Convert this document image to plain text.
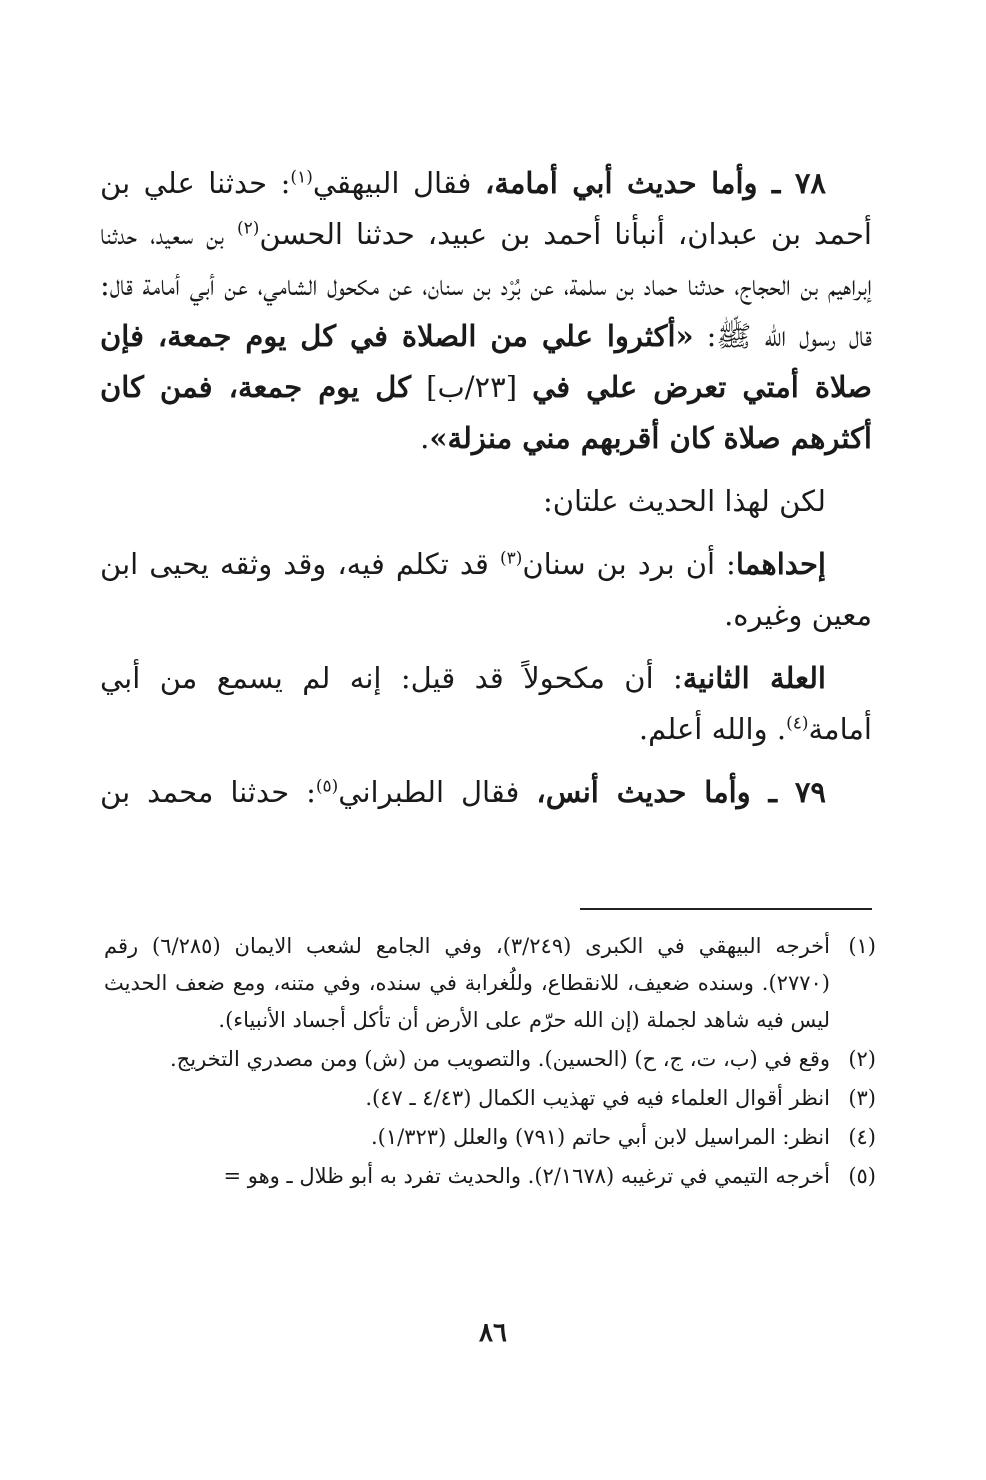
٧٨ ـ وأما حديث أبي أمامة، فقال البيهقي$^{(١)}$: حدثنا علي بن أحمد بن عبدان، أنبأنا أحمد بن عبيد، حدثنا الحسن$^{(٢)}$ بن سعيد، حدثنا إبراهيم بن الحجاج، حدثنا حماد بن سلمة، عن بُرْد بن سنان، عن مكحول الشامي، عن أبي أمامة قال: قال رسول الله ﷺ: «أكثروا علي من الصلاة في كل يوم جمعة، فإن صلاة أمتي تعرض علي في [٢٣/ب] كل يوم جمعة، فمن كان أكثرهم صلاة كان أقربهم مني منزلة».

لكن لهذا الحديث علتان:

إحداهما: أن برد بن سنان$^{(٣)}$ قد تكلم فيه، وقد وثقه يحيى ابن معين وغيره.

العلة الثانية: أن مكحولاً قد قيل: إنه لم يسمع من أبي أمامة$^{(٤)}$. والله أعلم.

٧٩ ـ وأما حديث أنس، فقال الطبراني$^{(٥)}$: حدثنا محمد بن

(١)
أخرجه البيهقي في الكبرى (٣/٢٤٩)، وفي الجامع لشعب الايمان (٦/٢٨٥) رقم (٢٧٧٠). وسنده ضعيف، للانقطاع، وللُغرابة في سنده، وفي متنه، ومع ضعف الحديث ليس فيه شاهد لجملة (إن الله حرّم على الأرض أن تأكل أجساد الأنبياء).
(٢)
وقع في (ب، ت، ج، ح) (الحسين). والتصويب من (ش) ومن مصدري التخريج.
(٣)
انظر أقوال العلماء فيه في تهذيب الكمال (٤/٤٣ ـ ٤٧).
(٤)
انظر: المراسيل لابن أبي حاتم (٧٩١) والعلل (١/٣٢٣).
(٥)
أخرجه التيمي في ترغيبه (٢/١٦٧٨). والحديث تفرد به أبو ظلال ـ وهو =
٨٦
